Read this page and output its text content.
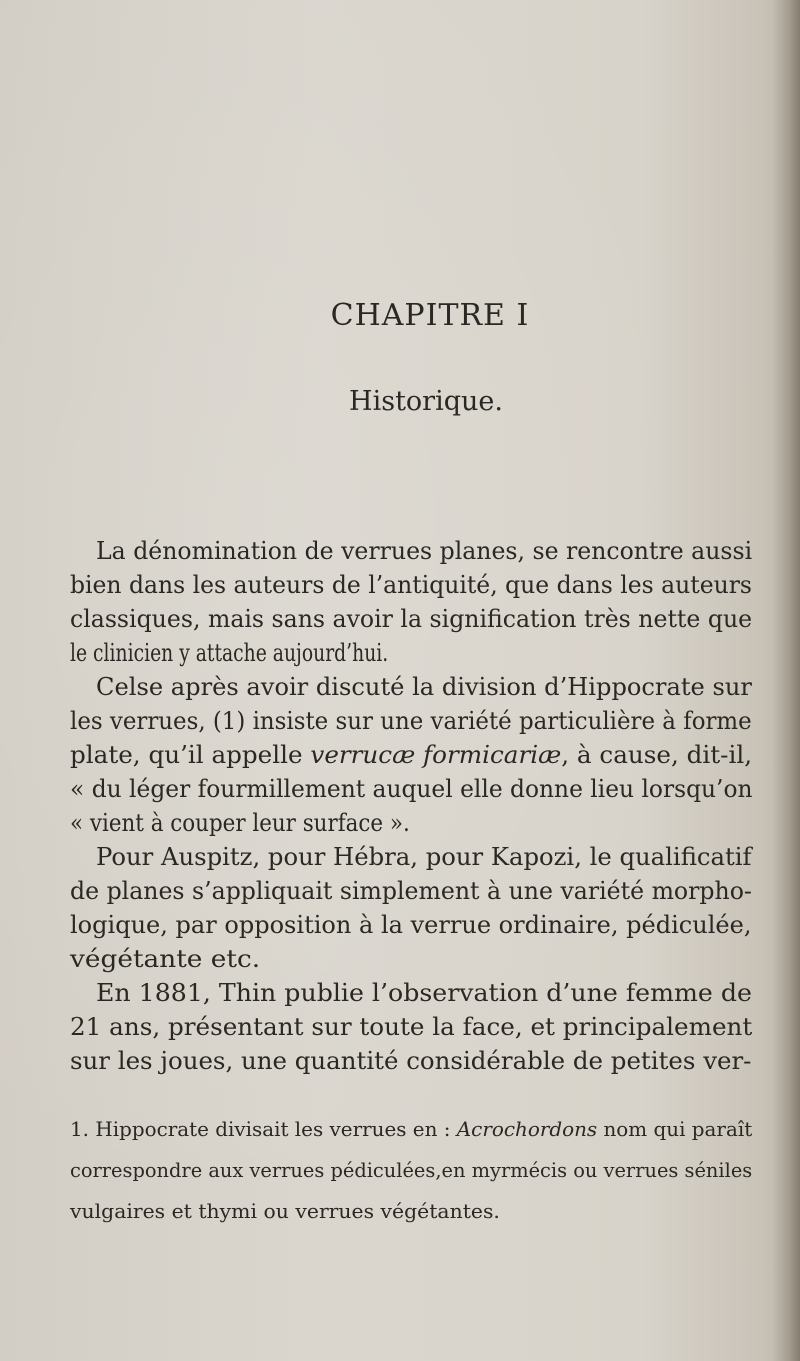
CHAPITRE I
Historique.
La dénomination de verrues planes, se rencontre aussi
bien dans les auteurs de l’antiquité, que dans les auteurs
classiques, mais sans avoir la signification très nette que
le clinicien y attache aujourd’hui.
Celse après avoir discuté la division d’Hippocrate sur
les verrues, (1) insiste sur une variété particulière à forme
plate, qu’il appelle verrucæ formicariæ, à cause, dit-il,
« du léger fourmillement auquel elle donne lieu lorsqu’on
« vient à couper leur surface ».
Pour Auspitz, pour Hébra, pour Kapozi, le qualificatif
de planes s’appliquait simplement à une variété morpho-
logique, par opposition à la verrue ordinaire, pédiculée,
végétante etc.
En 1881, Thin publie l’observation d’une femme de
21 ans, présentant sur toute la face, et principalement
sur les joues, une quantité considérable de petites ver-
1. Hippocrate divisait les verrues en : Acrochordons nom qui paraît
correspondre aux verrues pédiculées,en myrmécis ou verrues séniles
vulgaires et thymi ou verrues végétantes.
